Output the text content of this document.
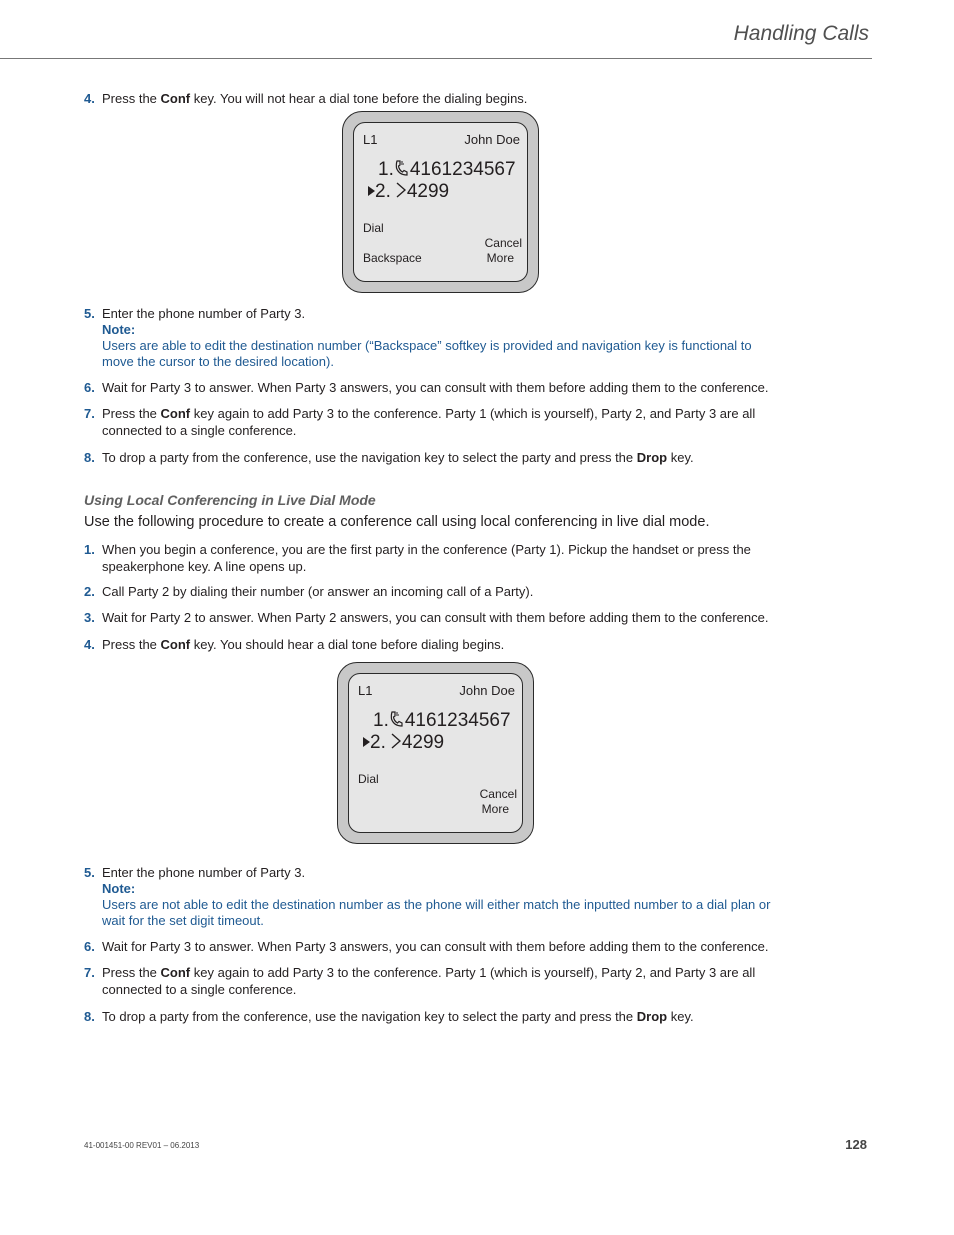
Handling Calls
4. Press the Conf key. You will not hear a dial tone before the dialing begins.
L1	John Doe
1. 4161234567
2. 4299
Dial
Cancel
Backspace	More
5. Enter the phone number of Party 3.
Note:
Users are able to edit the destination number (“Backspace” softkey is provided and navigation key is functional to move the cursor to the desired location).
6. Wait for Party 3 to answer. When Party 3 answers, you can consult with them before adding them to the conference.
7. Press the Conf key again to add Party 3 to the conference. Party 1 (which is yourself), Party 2, and Party 3 are all connected to a single conference.
8. To drop a party from the conference, use the navigation key to select the party and press the Drop key.
Using Local Conferencing in Live Dial Mode
Use the following procedure to create a conference call using local conferencing in live dial mode.
1. When you begin a conference, you are the first party in the conference (Party 1). Pickup the handset or press the speakerphone key. A line opens up.
2. Call Party 2 by dialing their number (or answer an incoming call of a Party).
3. Wait for Party 2 to answer. When Party 2 answers, you can consult with them before adding them to the conference.
4. Press the Conf key. You should hear a dial tone before dialing begins.
L1	John Doe
1. 4161234567
2. 4299
Dial
Cancel
More
5. Enter the phone number of Party 3.
Note:
Users are not able to edit the destination number as the phone will either match the inputted number to a dial plan or wait for the set digit timeout.
6. Wait for Party 3 to answer. When Party 3 answers, you can consult with them before adding them to the conference.
7. Press the Conf key again to add Party 3 to the conference. Party 1 (which is yourself), Party 2, and Party 3 are all connected to a single conference.
8. To drop a party from the conference, use the navigation key to select the party and press the Drop key.
41-001451-00 REV01 – 06.2013	128
